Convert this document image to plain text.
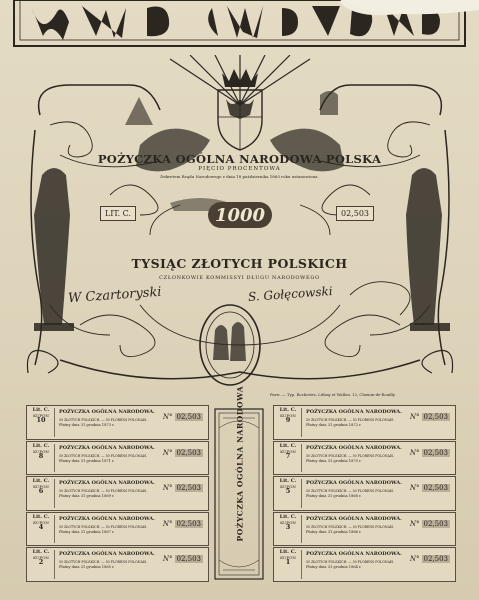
POŻYCZKA OGÓLNA NARODOWA POLSKA
PIĘCIO PROCENTOWA
Dekretem Rządu Narodowego z dnia 18 października 1863 roku ustanowiona.
LIT. C.	1000	02,503
TYSIĄC ZŁOTYCH POLSKICH
CZŁONKOWIE KOMMISSYI DŁUGU NARODOWEGO
W Czartoryski	S. Gołęcowski
Paris. — Typ. Rocheries, Lithog et Wallon. 12, Chemin-de-Rouilly.
Lit. C.
KUPON
10
POŻYCZKA OGÓLNA NARODOWA.
50 ZŁOTYCH POLSKICH. — 50 FLORENS POLONAIS.
Płatny dnia 31 grudnia 1873 r.
N° 02,503
Lit. C.
KUPON
8
POŻYCZKA OGÓLNA NARODOWA.
50 ZŁOTYCH POLSKICH. — 50 FLORENS POLONAIS.
Płatny dnia 31 grudnia 1871 r.
N° 02,503
Lit. C.
KUPON
6
POŻYCZKA OGÓLNA NARODOWA.
50 ZŁOTYCH POLSKICH. — 50 FLORENS POLONAIS.
Płatny dnia 31 grudnia 1869 r.
N° 02,503
Lit. C.
KUPON
4
POŻYCZKA OGÓLNA NARODOWA.
50 ZŁOTYCH POLSKICH. — 50 FLORENS POLONAIS.
Płatny dnia 31 grudnia 1867 r.
N° 02,503
Lit. C.
KUPON
2
POŻYCZKA OGÓLNA NARODOWA.
50 ZŁOTYCH POLSKICH. — 50 FLORENS POLONAIS.
Płatny dnia 31 grudnia 1865 r.
N° 02,503
Lit. C.
KUPON
9
POŻYCZKA OGÓLNA NARODOWA.
50 ZŁOTYCH POLSKICH. — 50 FLORENS POLONAIS.
Płatny dnia 31 grudnia 1872 r.
N° 02,503
Lit. C.
KUPON
7
POŻYCZKA OGÓLNA NARODOWA.
50 ZŁOTYCH POLSKICH. — 50 FLORENS POLONAIS.
Płatny dnia 31 grudnia 1870 r.
N° 02,503
Lit. C.
KUPON
5
POŻYCZKA OGÓLNA NARODOWA.
50 ZŁOTYCH POLSKICH. — 50 FLORENS POLONAIS.
Płatny dnia 31 grudnia 1868 r.
N° 02,503
Lit. C.
KUPON
3
POŻYCZKA OGÓLNA NARODOWA.
50 ZŁOTYCH POLSKICH. — 50 FLORENS POLONAIS.
Płatny dnia 31 grudnia 1866 r.
N° 02,503
Lit. C.
KUPON
1
POŻYCZKA OGÓLNA NARODOWA.
50 ZŁOTYCH POLSKICH. — 50 FLORENS POLONAIS.
Płatny dnia 31 grudnia 1864 r.
N° 02,503
POŻYCZKA OGÓLNA NARODOWA
